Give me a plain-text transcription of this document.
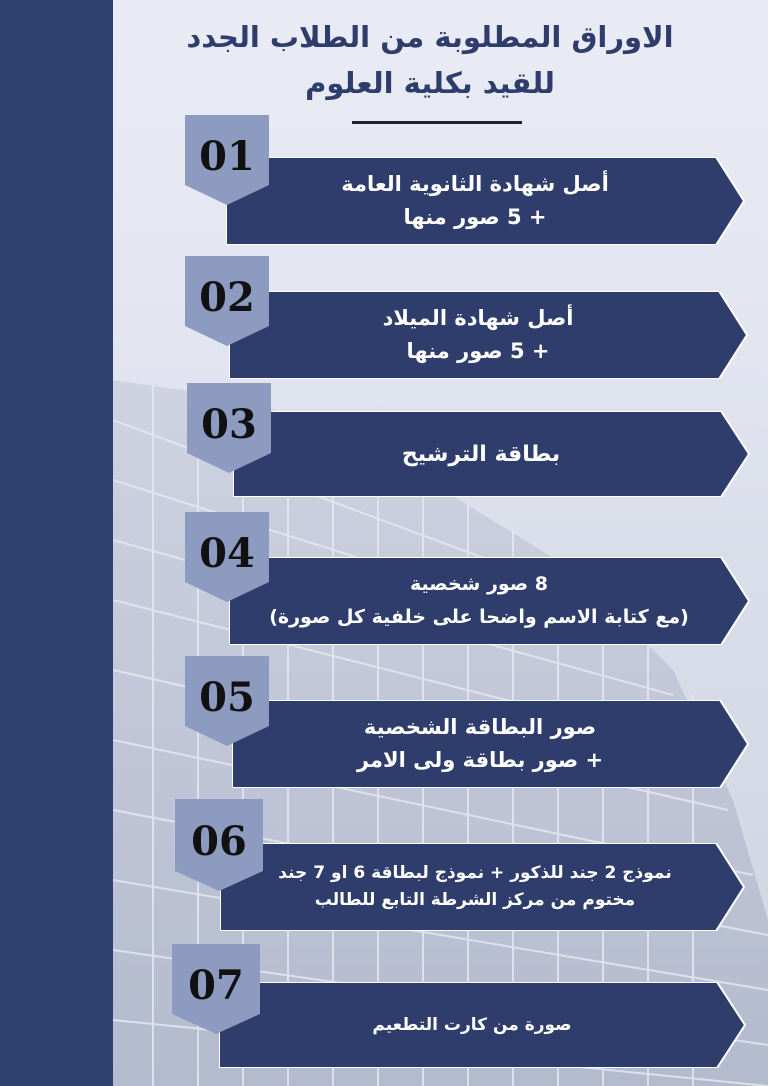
الاوراق المطلوبة من الطلاب الجدد
للقيد بكلية العلوم
أصل شهادة الثانوية العامة
+ 5 صور منها
01
أصل شهادة الميلاد
+ 5 صور منها
02
بطاقة الترشيح
03
8 صور شخصية
(مع كتابة الاسم واضحا على خلفية كل صورة)
04
صور البطاقة الشخصية
+ صور بطاقة ولى الامر
05
نموذج 2 جند للذكور + نموذج لبطاقة 6 او 7 جند
مختوم من مركز الشرطة التابع للطالب
06
صورة من كارت التطعيم
07
